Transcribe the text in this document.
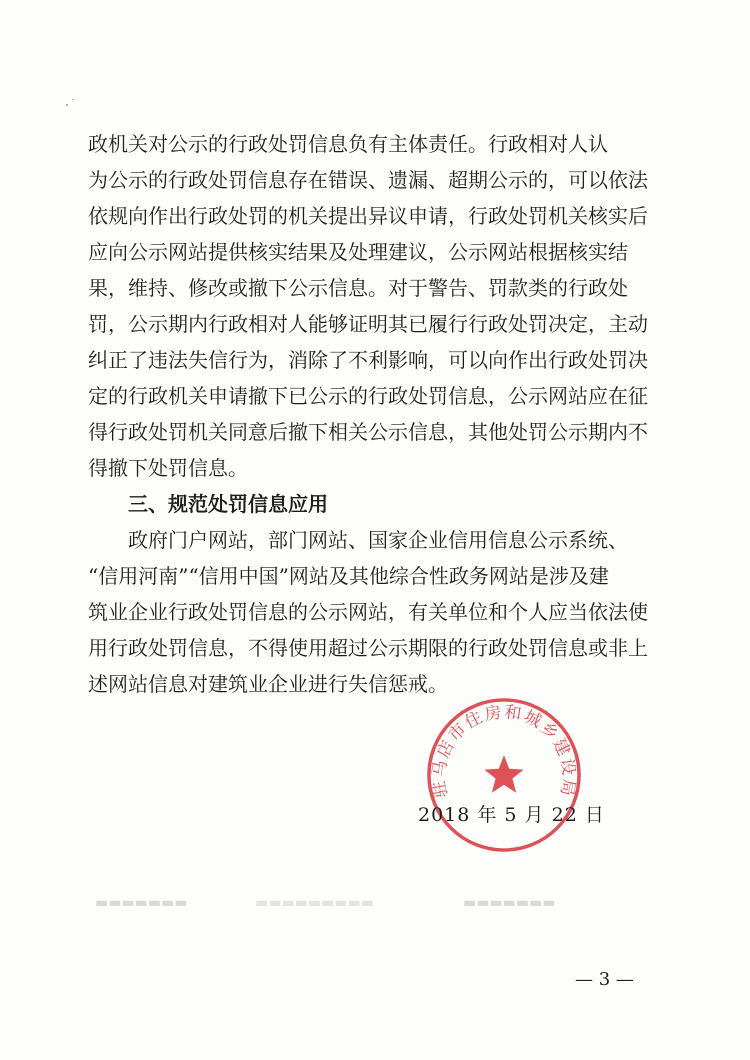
政机关对公示的行政处罚信息负有主体责任。行政相对人认
为公示的行政处罚信息存在错误、遗漏、超期公示的，可以依法
依规向作出行政处罚的机关提出异议申请，行政处罚机关核实后
应向公示网站提供核实结果及处理建议，公示网站根据核实结
果，维持、修改或撤下公示信息。对于警告、罚款类的行政处
罚，公示期内行政相对人能够证明其已履行行政处罚决定，主动
纠正了违法失信行为，消除了不利影响，可以向作出行政处罚决
定的行政机关申请撤下已公示的行政处罚信息，公示网站应在征
得行政处罚机关同意后撤下相关公示信息，其他处罚公示期内不
得撤下处罚信息。
三、规范处罚信息应用
政府门户网站，部门网站、国家企业信用信息公示系统、
“信用河南”“信用中国”网站及其他综合性政务网站是涉及建
筑业企业行政处罚信息的公示网站，有关单位和个人应当依法使
用行政处罚信息，不得使用超过公示期限的行政处罚信息或非上
述网站信息对建筑业企业进行失信惩戒。
驻马店市住房和城乡建设局
2018 年 5 月 22 日
▬▬▬▬▬▬▬	▬▬▬▬▬▬▬▬▬	▬▬▬▬▬▬▬
— 3 —
